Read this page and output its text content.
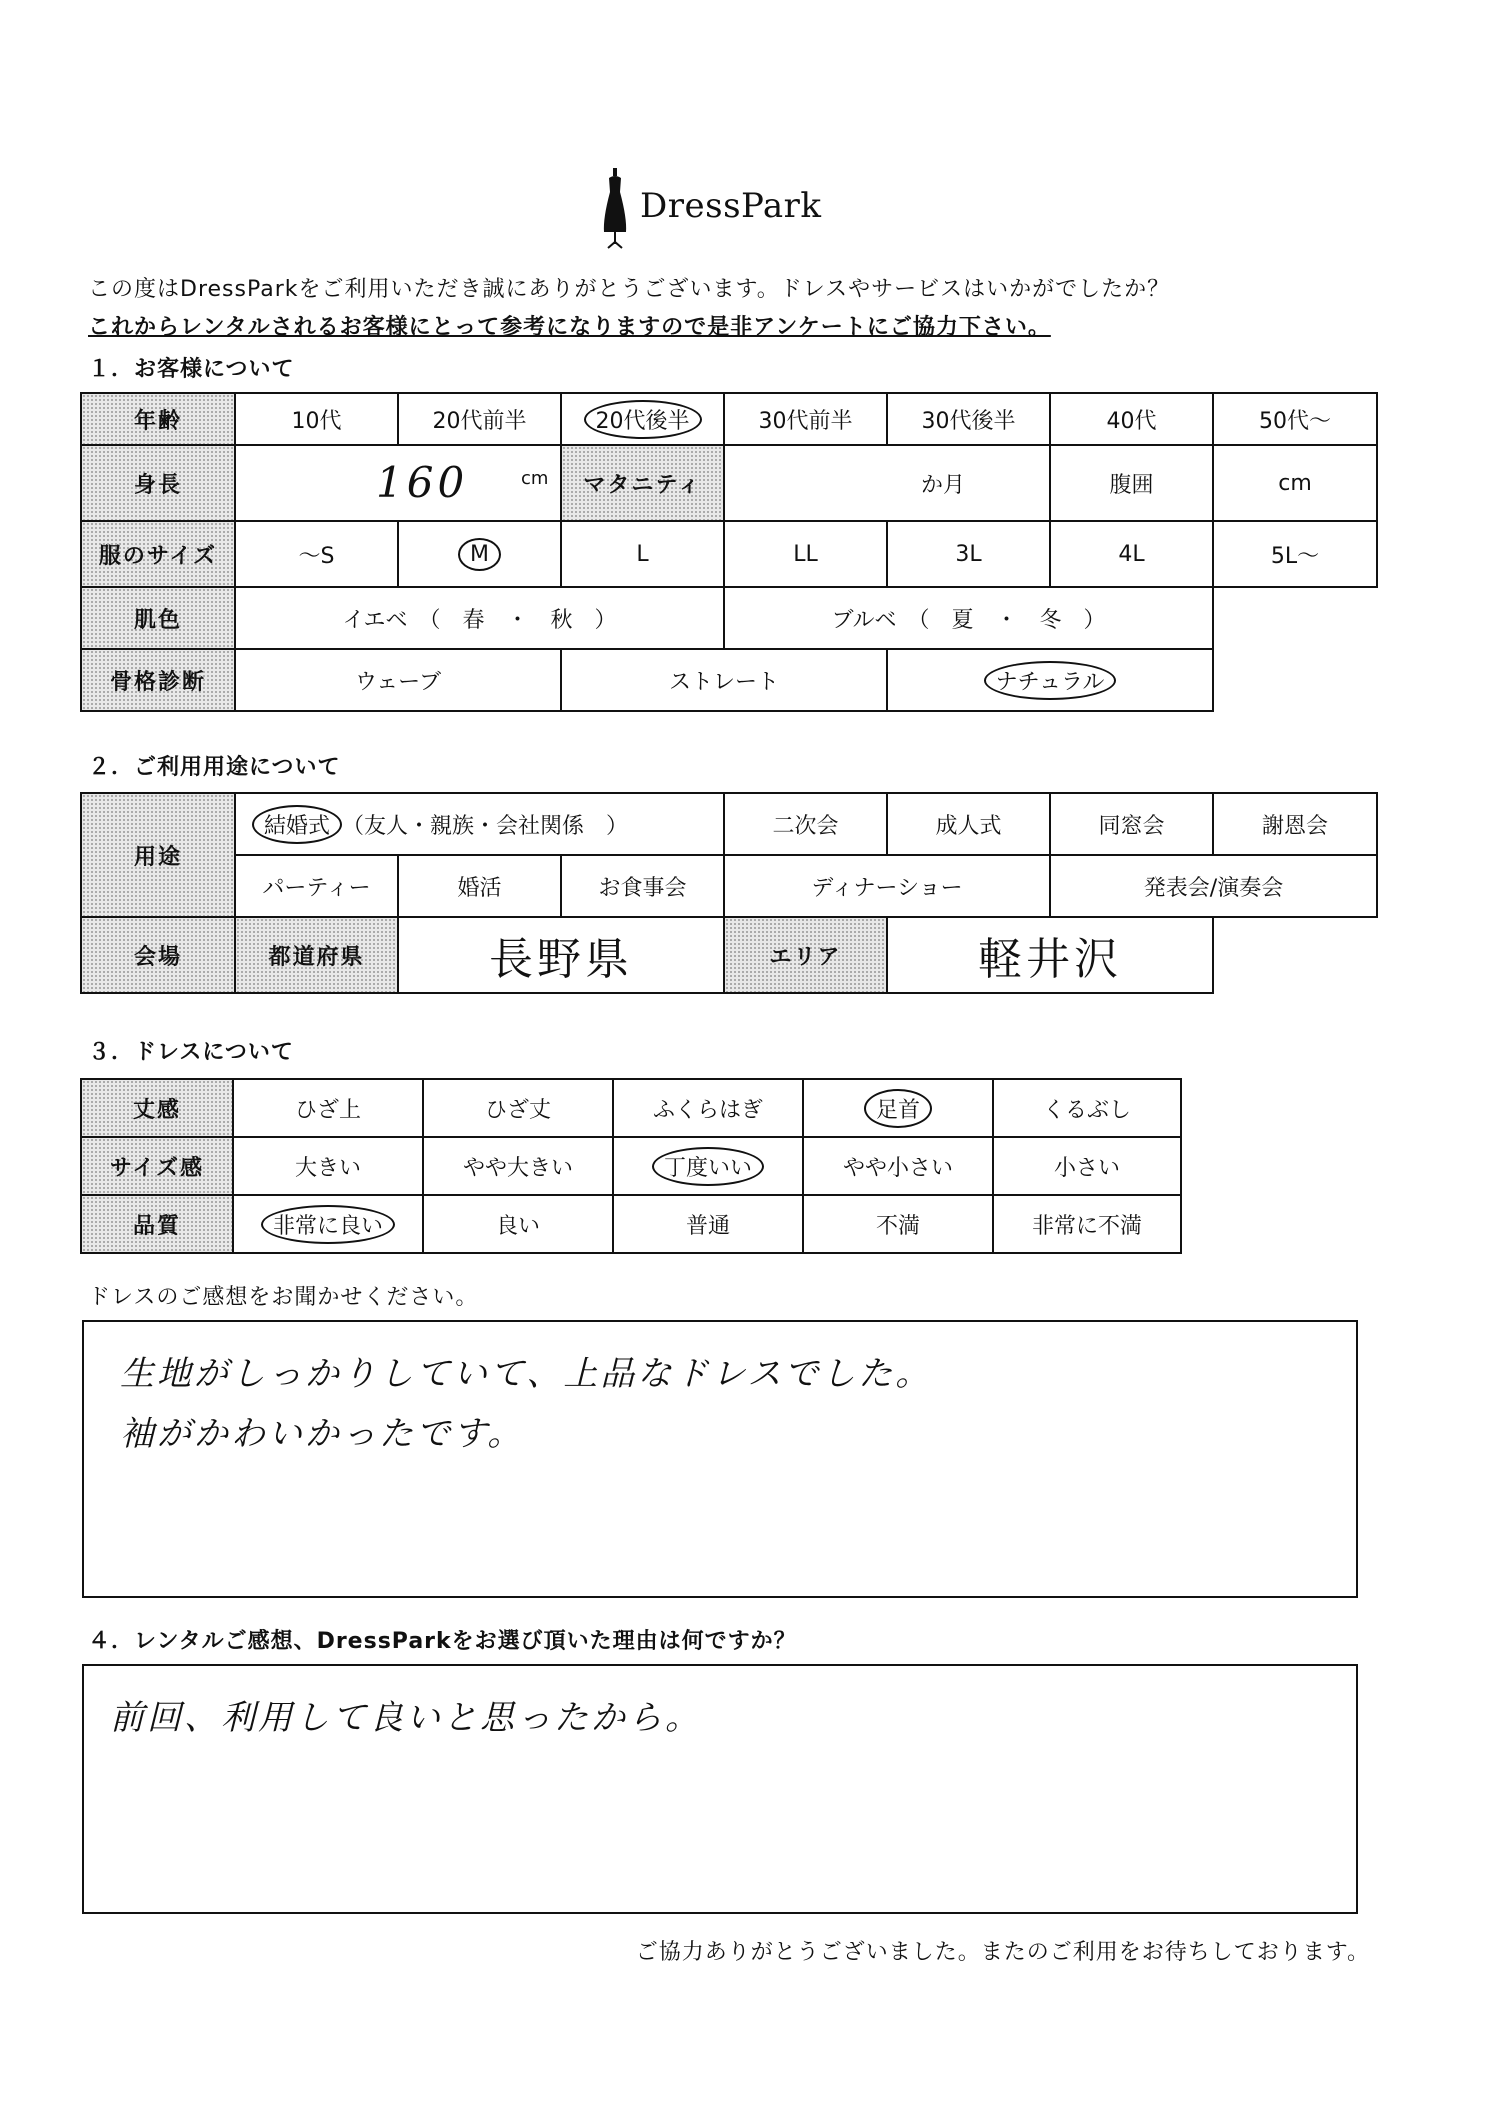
DressPark
この度はDressParkをご利用いただき誠にありがとうございます。ドレスやサービスはいかがでしたか？
これからレンタルされるお客様にとって参考になりますので是非アンケートにご協力下さい。
１．お客様について
年齢	10代	20代前半	20代後半	30代前半	30代後半	40代	50代～
身長	160 cm		マタニティ	か月		腹囲	cm
服のサイズ	～S	M	L	LL	3L	4L	5L～
肌色	イエベ　（　春　・　秋　）			ブルベ　（　夏　・　冬　）			
骨格診断	ウェーブ		ストレート		ナチュラル		
２．ご利用用途について
用途	結婚式 （友人・親族・会社関係　）			二次会	成人式	同窓会	謝恩会
	パーティー	婚活	お食事会	ディナーショー		発表会/演奏会	
会場	都道府県	長野県		エリア	軽井沢		
３．ドレスについて
丈感	ひざ上	ひざ丈	ふくらはぎ	足首	くるぶし
サイズ感	大きい	やや大きい	丁度いい	やや小さい	小さい
品質	非常に良い	良い	普通	不満	非常に不満
ドレスのご感想をお聞かせください。
生地がしっかりしていて、上品なドレスでした。
袖がかわいかったです。
４．レンタルご感想、DressParkをお選び頂いた理由は何ですか？
前回、利用して良いと思ったから。
ご協力ありがとうございました。またのご利用をお待ちしております。
